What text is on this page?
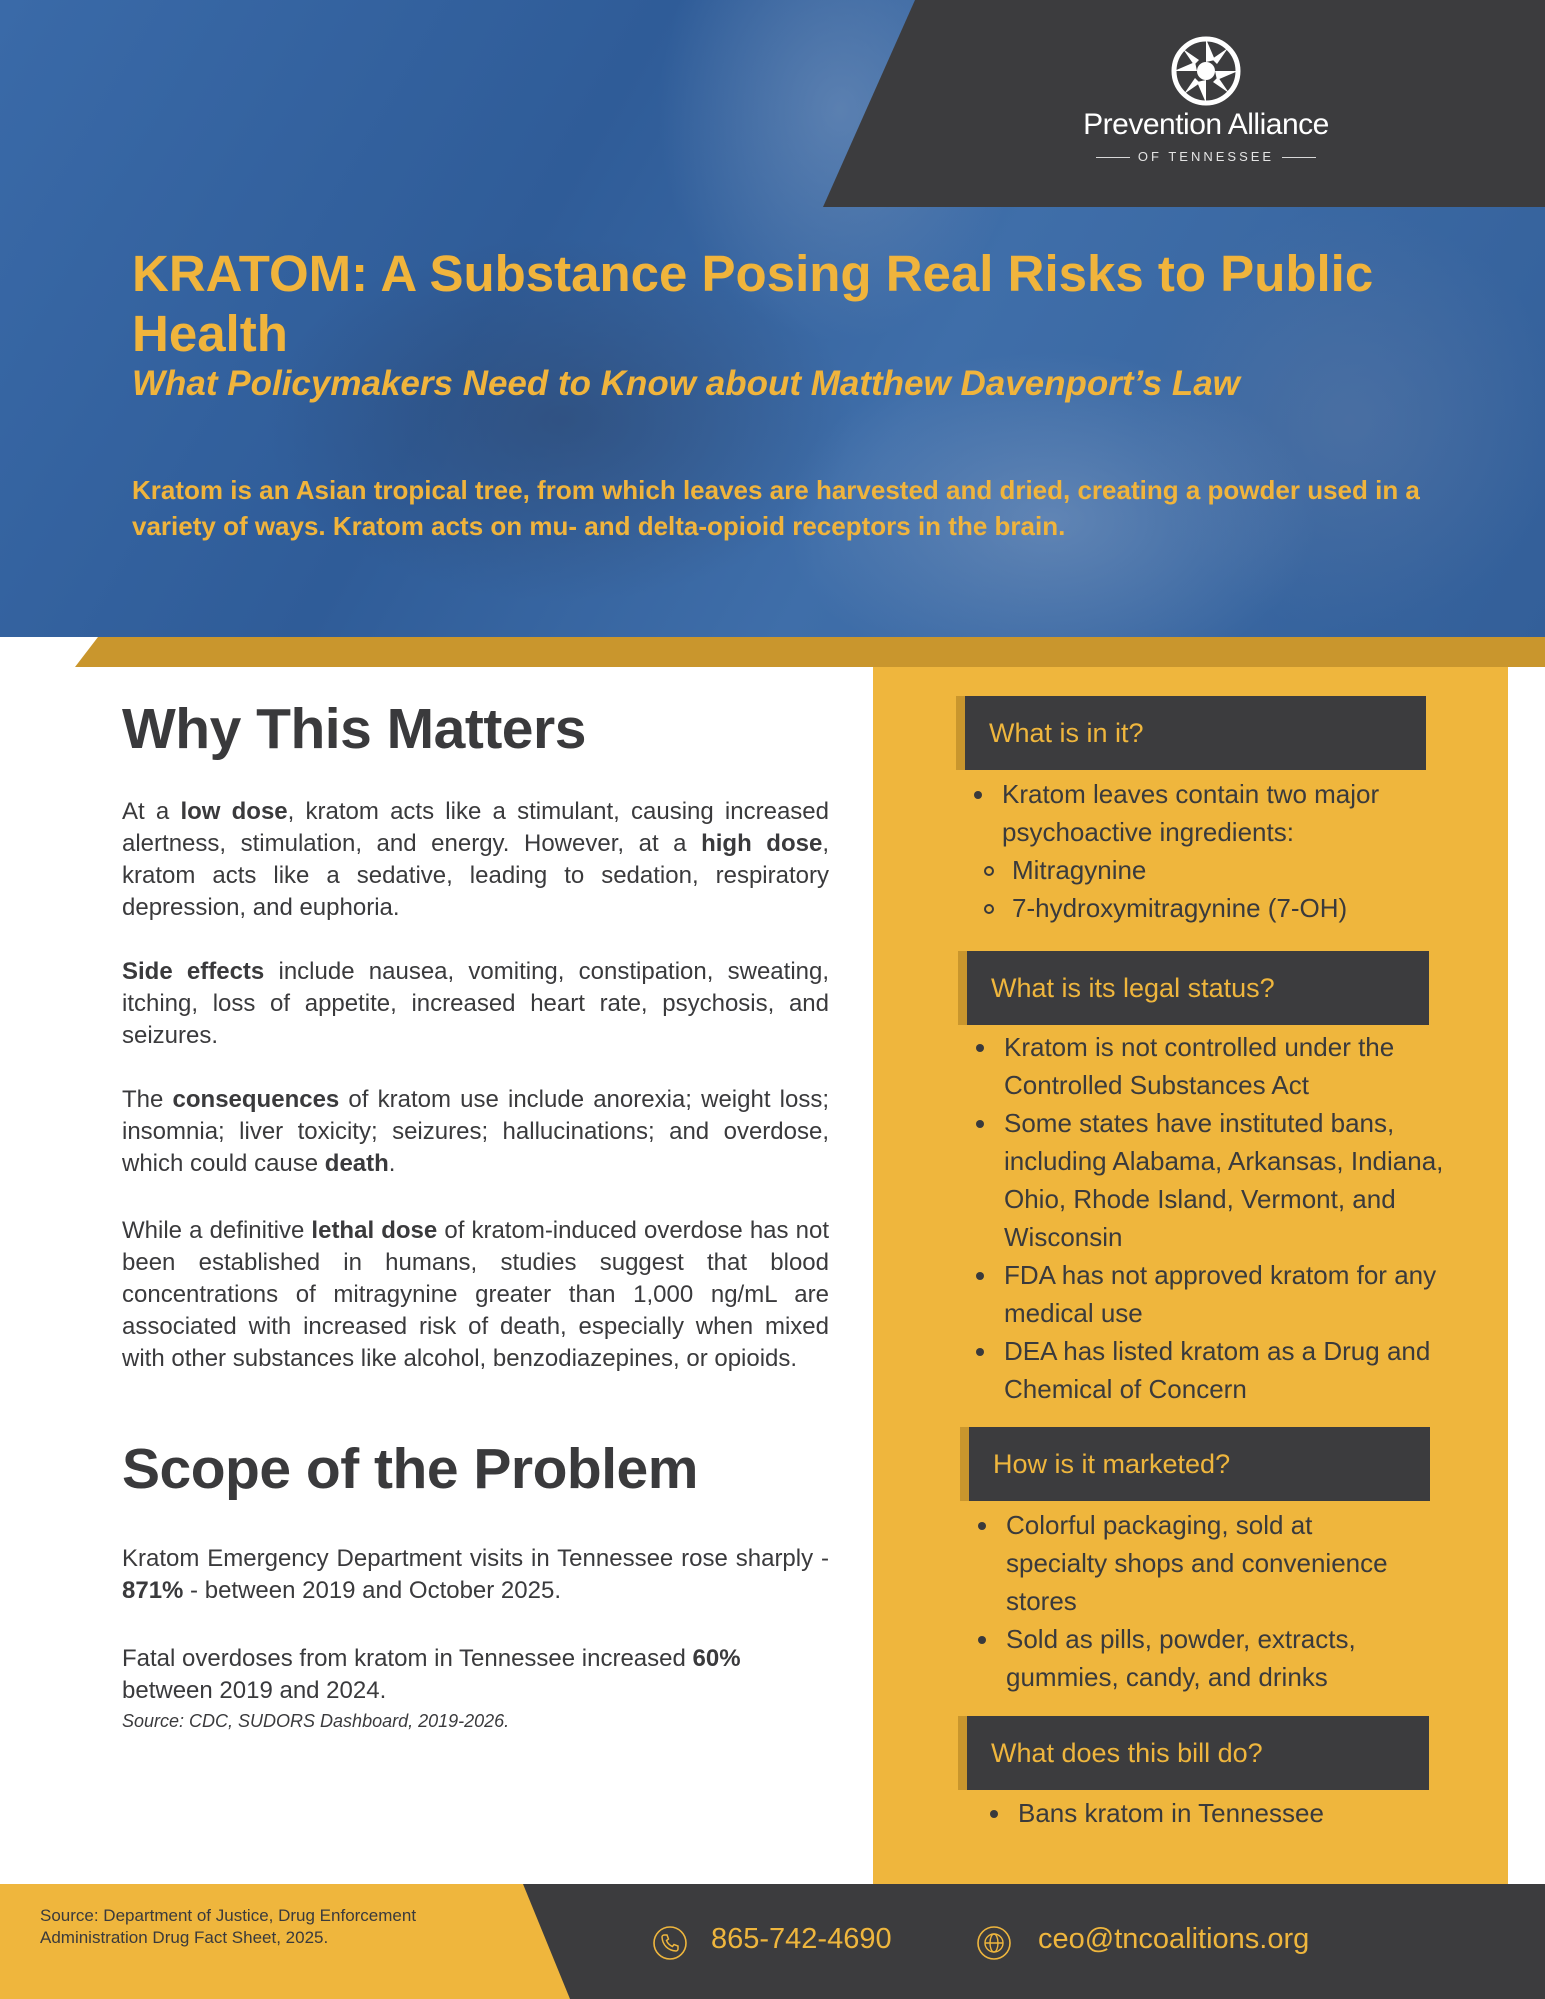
Prevention Alliance
OF TENNESSEE
KRATOM: A Substance Posing Real Risks to Public Health
What Policymakers Need to Know about Matthew Davenport’s Law
Kratom is an Asian tropical tree, from which leaves are harvested and dried, creating a powder used in a variety of ways. Kratom acts on mu- and delta-opioid receptors in the brain.
Why This Matters
At a low dose, kratom acts like a stimulant, causing increased alertness, stimulation, and energy. However, at a high dose, kratom acts like a sedative, leading to sedation, respiratory depression, and euphoria.
Side effects include nausea, vomiting, constipation, sweating, itching, loss of appetite, increased heart rate, psychosis, and seizures.
The consequences of kratom use include anorexia; weight loss; insomnia; liver toxicity; seizures; hallucinations; and overdose, which could cause death.
While a definitive lethal dose of kratom-induced overdose has not been established in humans, studies suggest that blood concentrations of mitragynine greater than 1,000 ng/mL are associated with increased risk of death, especially when mixed with other substances like alcohol, benzodiazepines, or opioids.
Scope of the Problem
Kratom Emergency Department visits in Tennessee rose sharply - 871% - between 2019 and October 2025.
Fatal overdoses from kratom in Tennessee increased 60% between 2019 and 2024.
Source: CDC, SUDORS Dashboard, 2019-2026.
What is in it?
Kratom leaves contain two major psychoactive ingredients:
Mitragynine
7-hydroxymitragynine (7-OH)
What is its legal status?
Kratom is not controlled under the Controlled Substances Act
Some states have instituted bans, including Alabama, Arkansas, Indiana, Ohio, Rhode Island, Vermont, and Wisconsin
FDA has not approved kratom for any medical use
DEA has listed kratom as a Drug and Chemical of Concern
How is it marketed?
Colorful packaging, sold at specialty shops and convenience stores
Sold as pills, powder, extracts, gummies, candy, and drinks
What does this bill do?
Bans kratom in Tennessee
Source: Department of Justice, Drug Enforcement Administration Drug Fact Sheet, 2025.	865-742-4690	ceo@tncoalitions.org
